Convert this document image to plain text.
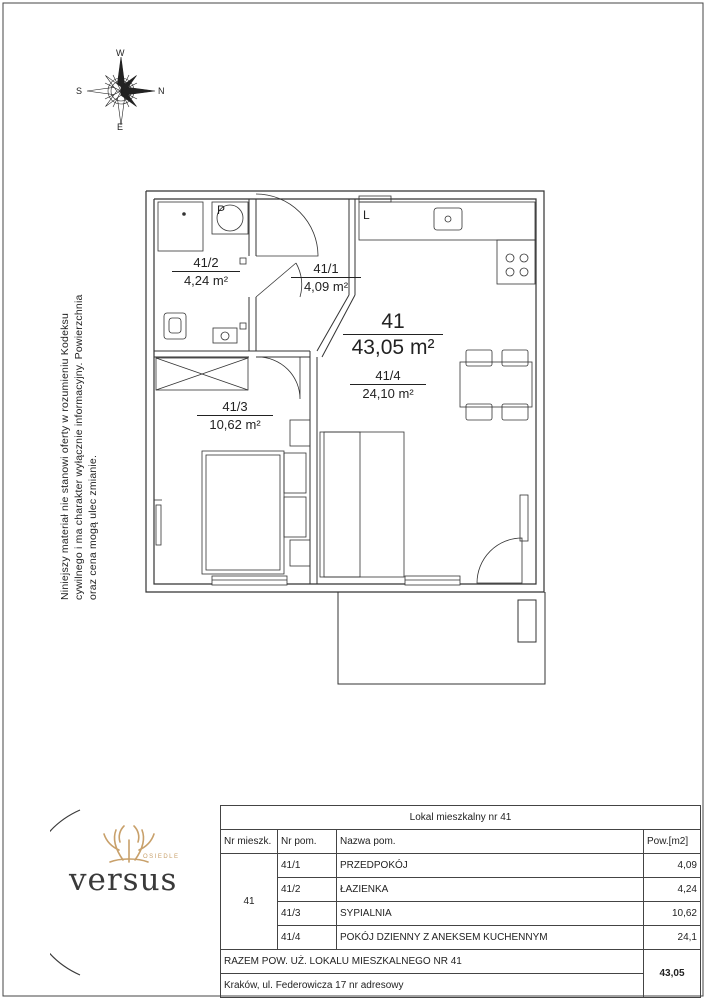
N
S
E
W
Niniejszy materiał nie stanowi oferty w rozumieniu Kodeksu cywilnego i ma charakter wyłącznie informacyjny. Powierzchnia oraz cena mogą ulec zmianie.
P	L
41/2
4,24 m²
41/1
4,09 m²
41/3
10,62 m²
41/4
24,10 m²
41
43,05 m²
OSIEDLE
versus
Lokal mieszkalny nr 41			
Nr mieszk.	Nr pom.	Nazwa pom.	Pow.[m2]
41	41/1	PRZEDPOKÓJ	4,09
	41/2	ŁAZIENKA	4,24
	41/3	SYPIALNIA	10,62
	41/4	POKÓJ DZIENNY Z ANEKSEM KUCHENNYM	24,1
RAZEM POW. UŻ. LOKALU MIESZKALNEGO NR 41			43,05
Kraków, ul. Federowicza 17 nr adresowy			
